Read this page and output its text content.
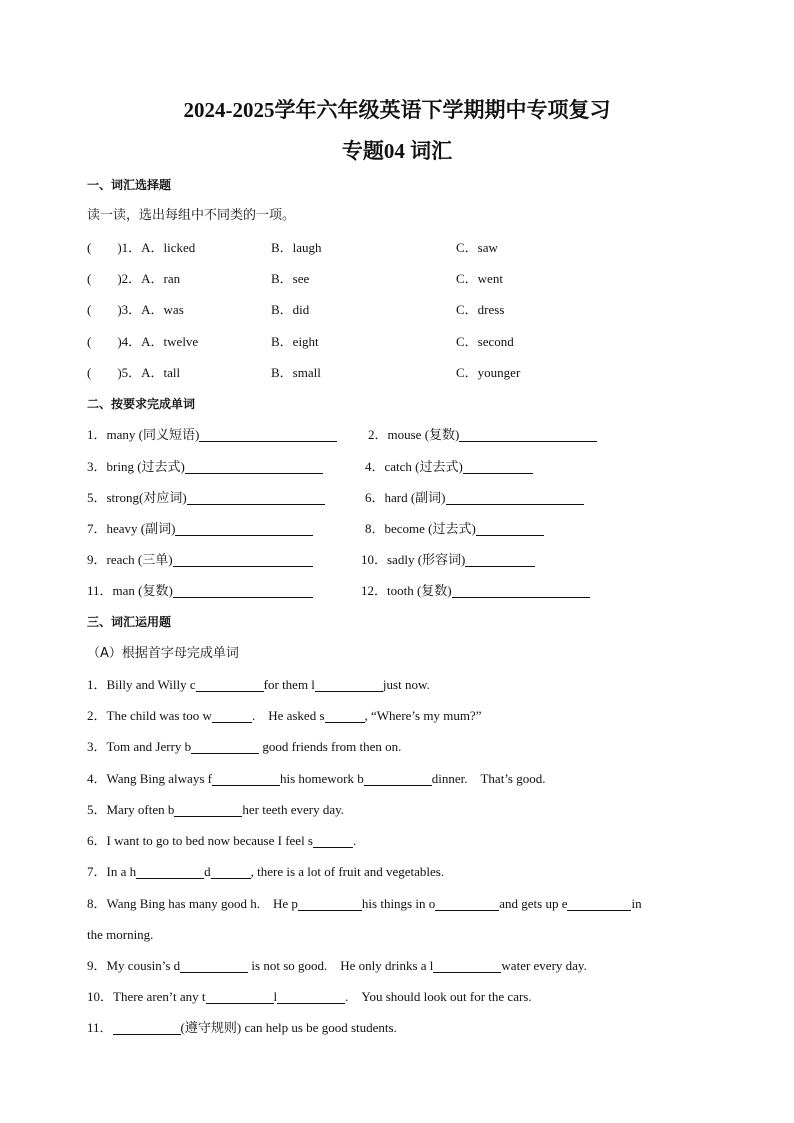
2024-2025学年六年级英语下学期期中专项复习
专题04 词汇
一、词汇选择题
读一读，选出每组中不同类的一项。
(　　)1．A．licked	B．laugh	C．saw
(　　)2．A．ran	B．see	C．went
(　　)3．A．was	B．did	C．dress
(　　)4．A．twelve	B．eight	C．second
(　　)5．A．tall	B．small	C．younger
二、按要求完成单词
1．many (同义短语)	2．mouse (复数)
3．bring (过去式)	4．catch (过去式)
5．strong(对应词)	6．hard (副词)
7．heavy (副词)	8．become (过去式)
9．reach (三单)	10．sadly (形容词)
11．man (复数)	12．tooth (复数)
三、词汇运用题
（A）根据首字母完成单词
1．Billy and Willy c	for them l	just now.
2．The child was too w	.　He asked s	, “Where’s my mum?”
3．Tom and Jerry b	good friends from then on.
4．Wang Bing always f	his homework b	dinner.　That’s good.
5．Mary often b	her teeth every day.
6．I want to go to bed now because I feel s	.
7．In a h	d	, there is a lot of fruit and vegetables.
8．Wang Bing has many good h.　He p	his things in o	and gets up e	in
the morning.
9．My cousin’s d	is not so good.　He only drinks a l	water every day.
10．There aren’t any t	l	.　You should look out for the cars.
11．	(遵守规则) can help us be good students.
